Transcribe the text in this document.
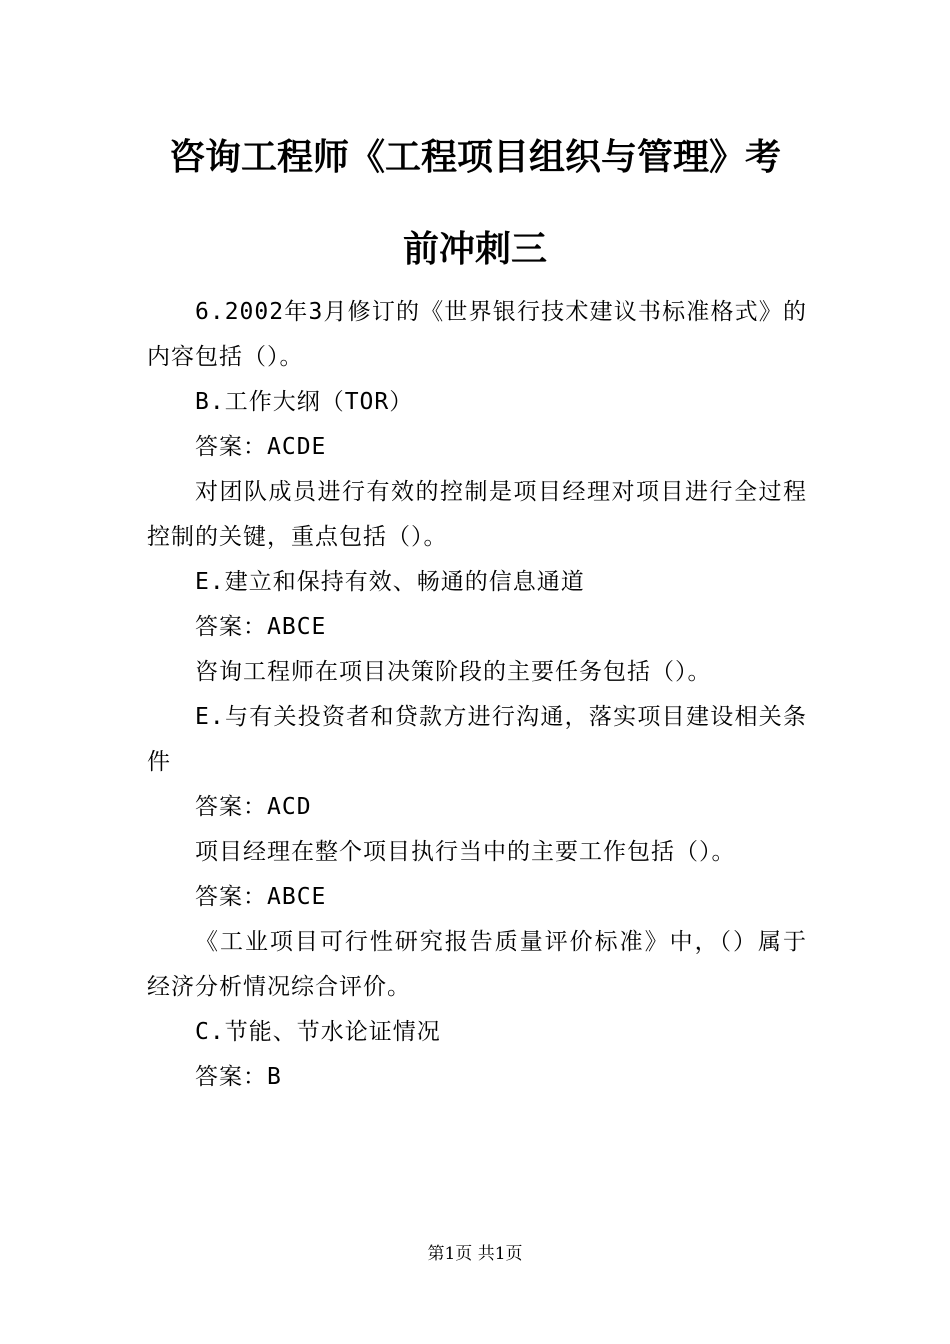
咨询工程师《工程项目组织与管理》考
前冲刺三

6.2002年3月修订的《世界银行技术建议书标准格式》的内容包括（）。

B.工作大纲（TOR）

答案：ACDE

对团队成员进行有效的控制是项目经理对项目进行全过程控制的关键，重点包括（）。

E.建立和保持有效、畅通的信息通道

答案：ABCE

咨询工程师在项目决策阶段的主要任务包括（）。

E.与有关投资者和贷款方进行沟通，落实项目建设相关条件

答案：ACD

项目经理在整个项目执行当中的主要工作包括（）。

答案：ABCE

《工业项目可行性研究报告质量评价标准》中，（）属于经济分析情况综合评价。

C.节能、节水论证情况

答案：B

第1页 共1页
